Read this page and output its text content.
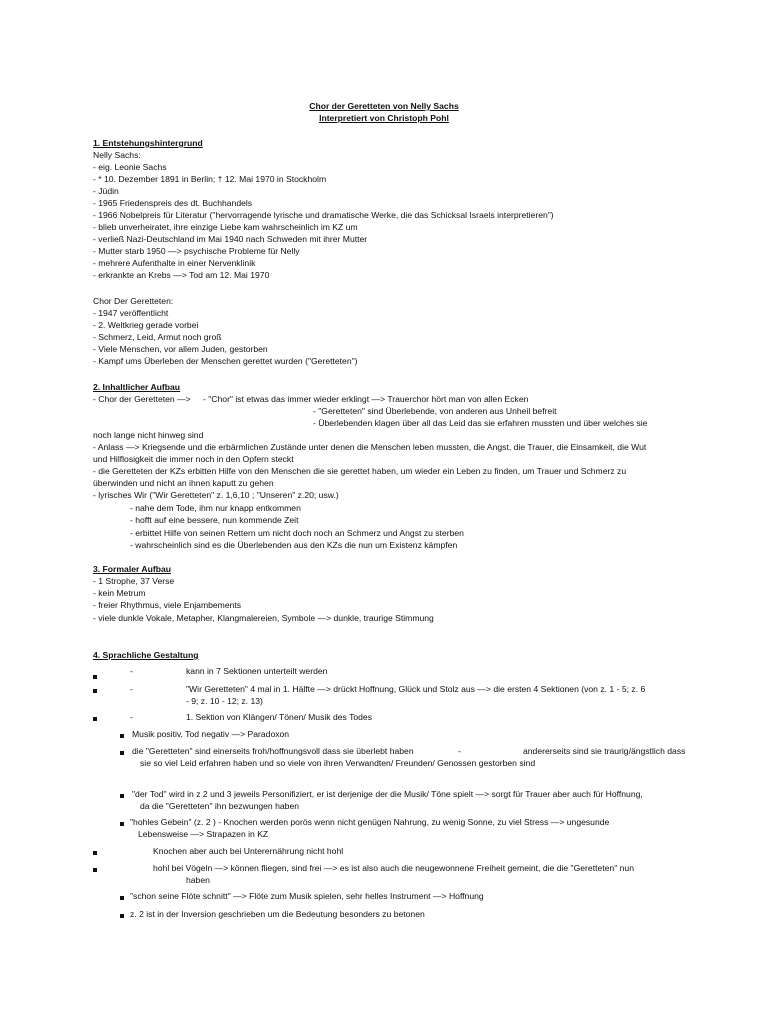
Chor der Geretteten von Nelly Sachs
Interpretiert von Christoph Pohl
1. Entstehungshintergrund
Nelly Sachs:
- eig. Leonie Sachs
- * 10. Dezember 1891 in Berlin; † 12. Mai 1970 in Stockholm
- Jüdin
- 1965 Friedenspreis des dt. Buchhandels
- 1966 Nobelpreis für Literatur ("hervorragende lyrische und dramatische Werke, die das Schicksal Israels interpretieren")
- blieb unverheiratet, ihre einzige Liebe kam wahrscheinlich im KZ um
- verließ Nazi-Deutschland im Mai 1940 nach Schweden mit ihrer Mutter
- Mutter starb 1950 —> psychische Probleme für Nelly
- mehrere Aufenthalte in einer Nervenklinik
- erkrankte an Krebs —> Tod am 12. Mai 1970
Chor Der Geretteten:
- 1947 veröffentlicht
- 2. Weltkrieg gerade vorbei
- Schmerz, Leid, Armut noch groß
- Viele Menschen, vor allem Juden, gestorben
- Kampf ums Überleben der Menschen gerettet wurden ("Geretteten")
2. Inhaltlicher Aufbau
- Chor der Geretteten —> - "Chor" ist etwas das immer wieder erklingt —> Trauerchor hört man von allen Ecken
- "Geretteten" sind Überlebende, von anderen aus Unheil befreit
- Überlebenden klagen über all das Leid das sie erfahren mussten und über welches sie
noch lange nicht hinweg sind
- Anlass —> Kriegsende und die erbärmlichen Zustände unter denen die Menschen leben mussten, die Angst, die Trauer, die Einsamkeit, die Wut
und Hilflosigkeit die immer noch in den Opfern steckt
- die Geretteten der KZs erbitten Hilfe von den Menschen die sie gerettet haben, um wieder ein Leben zu finden, um Trauer und Schmerz zu
überwinden und nicht an ihnen kaputt zu gehen
- lyrisches Wir ("Wir Geretteten" z. 1,6,10 ; "Unseren" z.20; usw.)
- nahe dem Tode, ihm nur knapp entkommen
- hofft auf eine bessere, nun kommende Zeit
- erbittet Hilfe von seinen Rettern um nicht doch noch an Schmerz und Angst zu sterben
- wahrscheinlich sind es die Überlebenden aus den KZs die nun um Existenz kämpfen
3. Formaler Aufbau
- 1 Strophe, 37 Verse
- kein Metrum
- freier Rhythmus, viele Enjambements
- viele dunkle Vokale, Metapher, Klangmalereien, Symbole —> dunkle, traurige Stimmung
4. Sprachliche Gestaltung
-	kann in 7 Sektionen unterteilt werden
-	"Wir Geretteten" 4 mal in 1. Hälfte —> drückt Hoffnung, Glück und Stolz aus —> die ersten 4 Sektionen (von z. 1 - 5; z. 6
- 9; z. 10 - 12; z. 13)
-	1. Sektion von Klängen/ Tönen/ Musik des Todes
Musik positiv, Tod negativ —> Paradoxon
die "Geretteten" sind einerseits froh/hoffnungsvoll dass sie überlebt haben	-	andererseits sind sie traurig/ängstlich dass
sie so viel Leid erfahren haben und so viele von ihren Verwandten/ Freunden/ Genossen gestorben sind
"der Tod" wird in z 2 und 3 jeweils Personifiziert, er ist derjenige der die Musik/ Töne spielt —> sorgt für Trauer aber auch für Hoffnung,
da die "Geretteten" ihn bezwungen haben
"hohles Gebein" (z. 2 ) - Knochen werden porös wenn nicht genügen Nahrung, zu wenig Sonne, zu viel Stress —> ungesunde
Lebensweise —> Strapazen in KZ
Knochen aber auch bei Unterernährung nicht hohl
hohl bei Vögeln —> können fliegen, sind frei —> es ist also auch die neugewonnene Freiheit gemeint, die die "Geretteten" nun
haben
"schon seine Flöte schnitt" —> Flöte zum Musik spielen, sehr helles Instrument —> Hoffnung
z. 2 ist in der Inversion geschrieben um die Bedeutung besonders zu betonen
